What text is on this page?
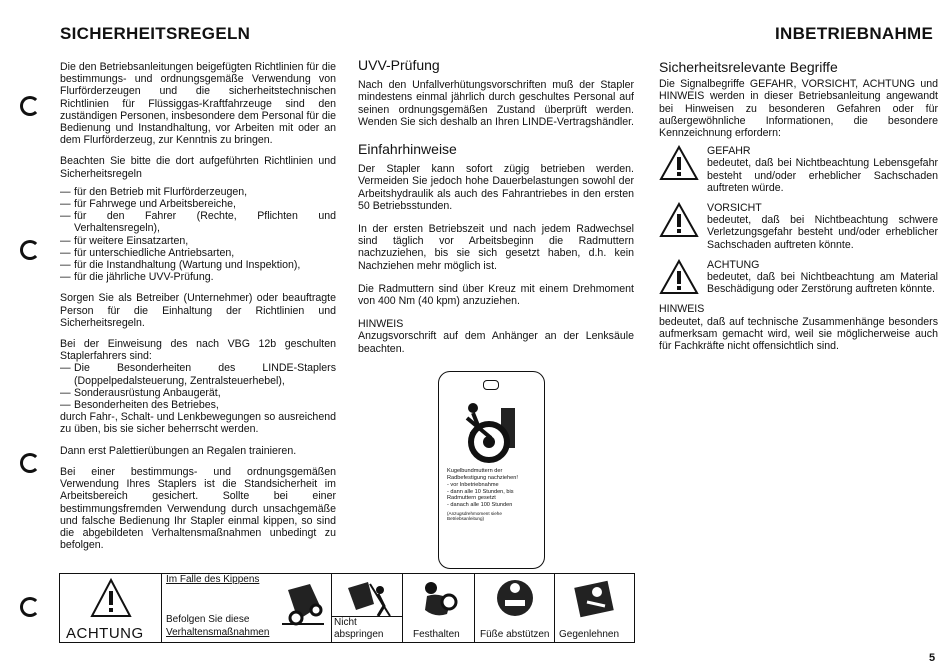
SICHERHEITSREGELN

Die den Betriebsanleitungen beigefügten Richtlinien für die bestimmungs- und ordnungsgemäße Verwendung von Flurförderzeugen und die sicherheitstechnischen Richtlinien für Flüssiggas-Kraftfahrzeuge sind den zuständigen Personen, insbesondere dem Personal für die Bedienung und Instandhaltung, vor Arbeiten mit oder an dem Flurförderzeug, zur Kenntnis zu bringen.

Beachten Sie bitte die dort aufgeführten Richtlinien und Sicherheitsregeln

— für den Betrieb mit Flurförderzeugen,
— für Fahrwege und Arbeitsbereiche,
— für den Fahrer (Rechte, Pflichten und Verhaltensregeln),
— für weitere Einsatzarten,
— für unterschiedliche Antriebsarten,
— für die Instandhaltung (Wartung und Inspektion),
— für die jährliche UVV-Prüfung.

Sorgen Sie als Betreiber (Unternehmer) oder beauftragte Person für die Einhaltung der Richtlinien und Sicherheitsregeln.

Bei der Einweisung des nach VBG 12b geschulten Staplerfahrers sind:

— Die Besonderheiten des LINDE-Staplers (Doppelpedalsteuerung, Zentralsteuerhebel),
— Sonderausrüstung Anbaugerät,
— Besonderheiten des Betriebes,

durch Fahr-, Schalt- und Lenkbewegungen so ausreichend zu üben, bis sie sicher beherrscht werden.

Dann erst Palettierübungen an Regalen trainieren.

Bei einer bestimmungs- und ordnungsgemäßen Verwendung Ihres Staplers ist die Standsicherheit im Arbeitsbereich gesichert. Sollte bei einer bestimmungsfremden Verwendung durch unsachgemäße und falsche Bedienung Ihr Stapler einmal kippen, so sind die abgebildeten Verhaltensmaßnahmen unbedingt zu befolgen.

UVV-Prüfung

Nach den Unfallverhütungsvorschriften muß der Stapler mindestens einmal jährlich durch geschultes Personal auf seinen ordnungsgemäßen Zustand überprüft werden. Wenden Sie sich deshalb an Ihren LINDE-Vertragshändler.

Einfahrhinweise

Der Stapler kann sofort zügig betrieben werden. Vermeiden Sie jedoch hohe Dauerbelastungen sowohl der Arbeitshydraulik als auch des Fahrantriebes in den ersten 50 Betriebsstunden.

In der ersten Betriebszeit und nach jedem Radwechsel sind täglich vor Arbeitsbeginn die Radmuttern nachzuziehen, bis sie sich gesetzt haben, d.h. kein Nachziehen mehr möglich ist.

Die Radmuttern sind über Kreuz mit einem Drehmoment von 400 Nm (40 kpm) anzuziehen.

HINWEIS

Anzugsvorschrift auf dem Anhänger an der Lenksäule beachten.

Kugelbundmuttern der Radbefestigung nachziehen!
- vor Inbetriebnahme
- dann alle 10 Stunden, bis Radmuttern gesetzt
- danach alle 100 Stunden
(Anzugsdrehmoment siehe Betriebsanleitung)
INBETRIEBNAHME
Sicherheitsrelevante Begriffe

Die Signalbegriffe GEFAHR, VORSICHT, ACHTUNG und HINWEIS werden in dieser Betriebsanleitung angewandt bei Hinweisen zu besonderen Gefahren oder für außergewöhnliche Informationen, die besondere Kennzeichnung erfordern:

GEFAHR
bedeutet, daß bei Nichtbeachtung Lebensgefahr besteht und/oder erheblicher Sachschaden auftreten würde.
VORSICHT
bedeutet, daß bei Nichtbeachtung schwere Verletzungsgefahr besteht und/oder erheblicher Sachschaden auftreten könnte.
ACHTUNG
bedeutet, daß bei Nichtbeachtung am Material Beschädigung oder Zerstörung auftreten könnte.
HINWEIS

bedeutet, daß auf technische Zusammenhänge besonders aufmerksam gemacht wird, weil sie möglicherweise auch für Fachkräfte nicht offensichtlich sind.

ACHTUNG
Im Falle des Kippens
Befolgen Sie diese
Verhaltensmaßnahmen
Nicht
abspringen	Festhalten Füße abstützen Gegenlehnen
5
